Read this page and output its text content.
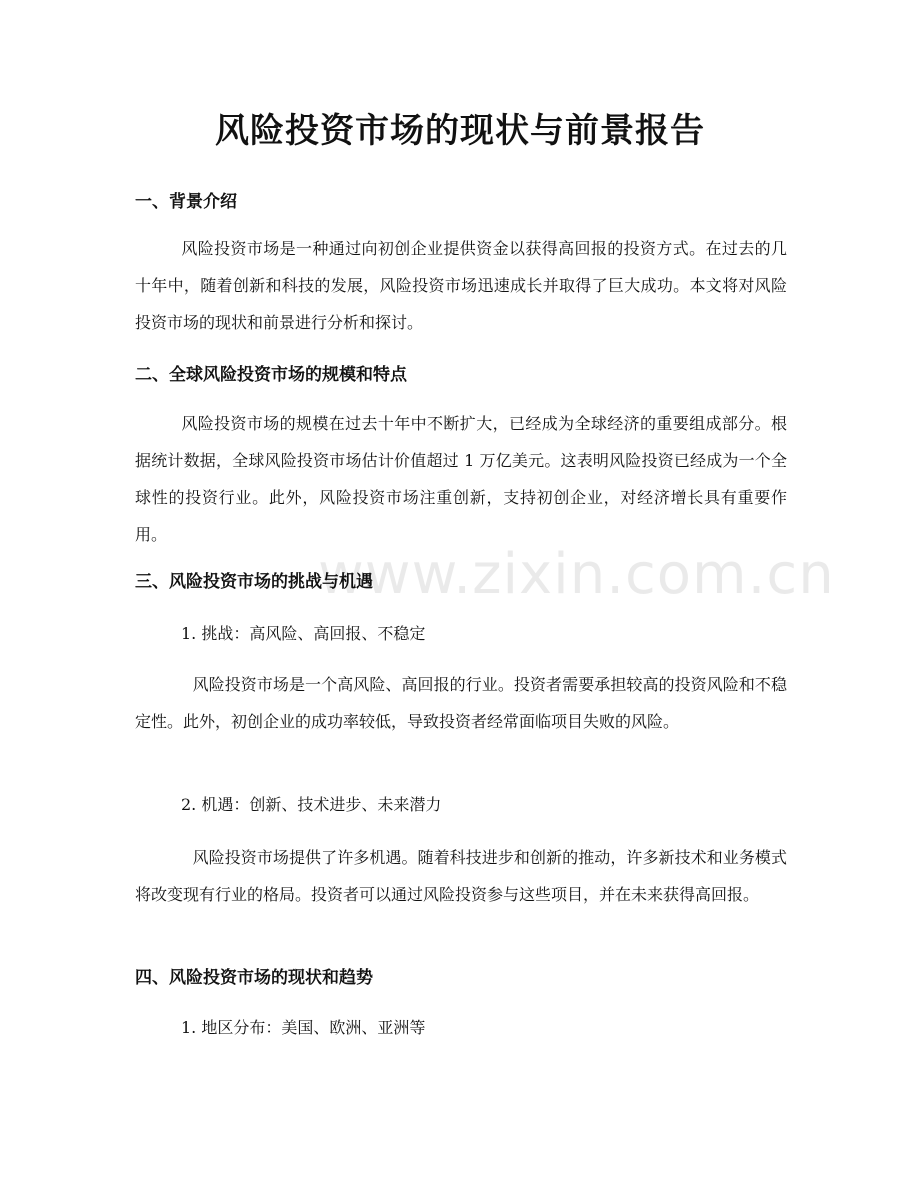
风险投资市场的现状与前景报告
一、背景介绍

风险投资市场是一种通过向初创企业提供资金以获得高回报的投资方式。在过去的几十年中，随着创新和科技的发展，风险投资市场迅速成长并取得了巨大成功。本文将对风险投资市场的现状和前景进行分析和探讨。

二、全球风险投资市场的规模和特点

风险投资市场的规模在过去十年中不断扩大，已经成为全球经济的重要组成部分。根据统计数据，全球风险投资市场估计价值超过 1 万亿美元。这表明风险投资已经成为一个全球性的投资行业。此外，风险投资市场注重创新，支持初创企业，对经济增长具有重要作用。

三、风险投资市场的挑战与机遇
1. 挑战：高风险、高回报、不稳定

风险投资市场是一个高风险、高回报的行业。投资者需要承担较高的投资风险和不稳定性。此外，初创企业的成功率较低，导致投资者经常面临项目失败的风险。

2. 机遇：创新、技术进步、未来潜力

风险投资市场提供了许多机遇。随着科技进步和创新的推动，许多新技术和业务模式将改变现有行业的格局。投资者可以通过风险投资参与这些项目，并在未来获得高回报。

四、风险投资市场的现状和趋势
1. 地区分布：美国、欧洲、亚洲等
www.zixin.com.cn
